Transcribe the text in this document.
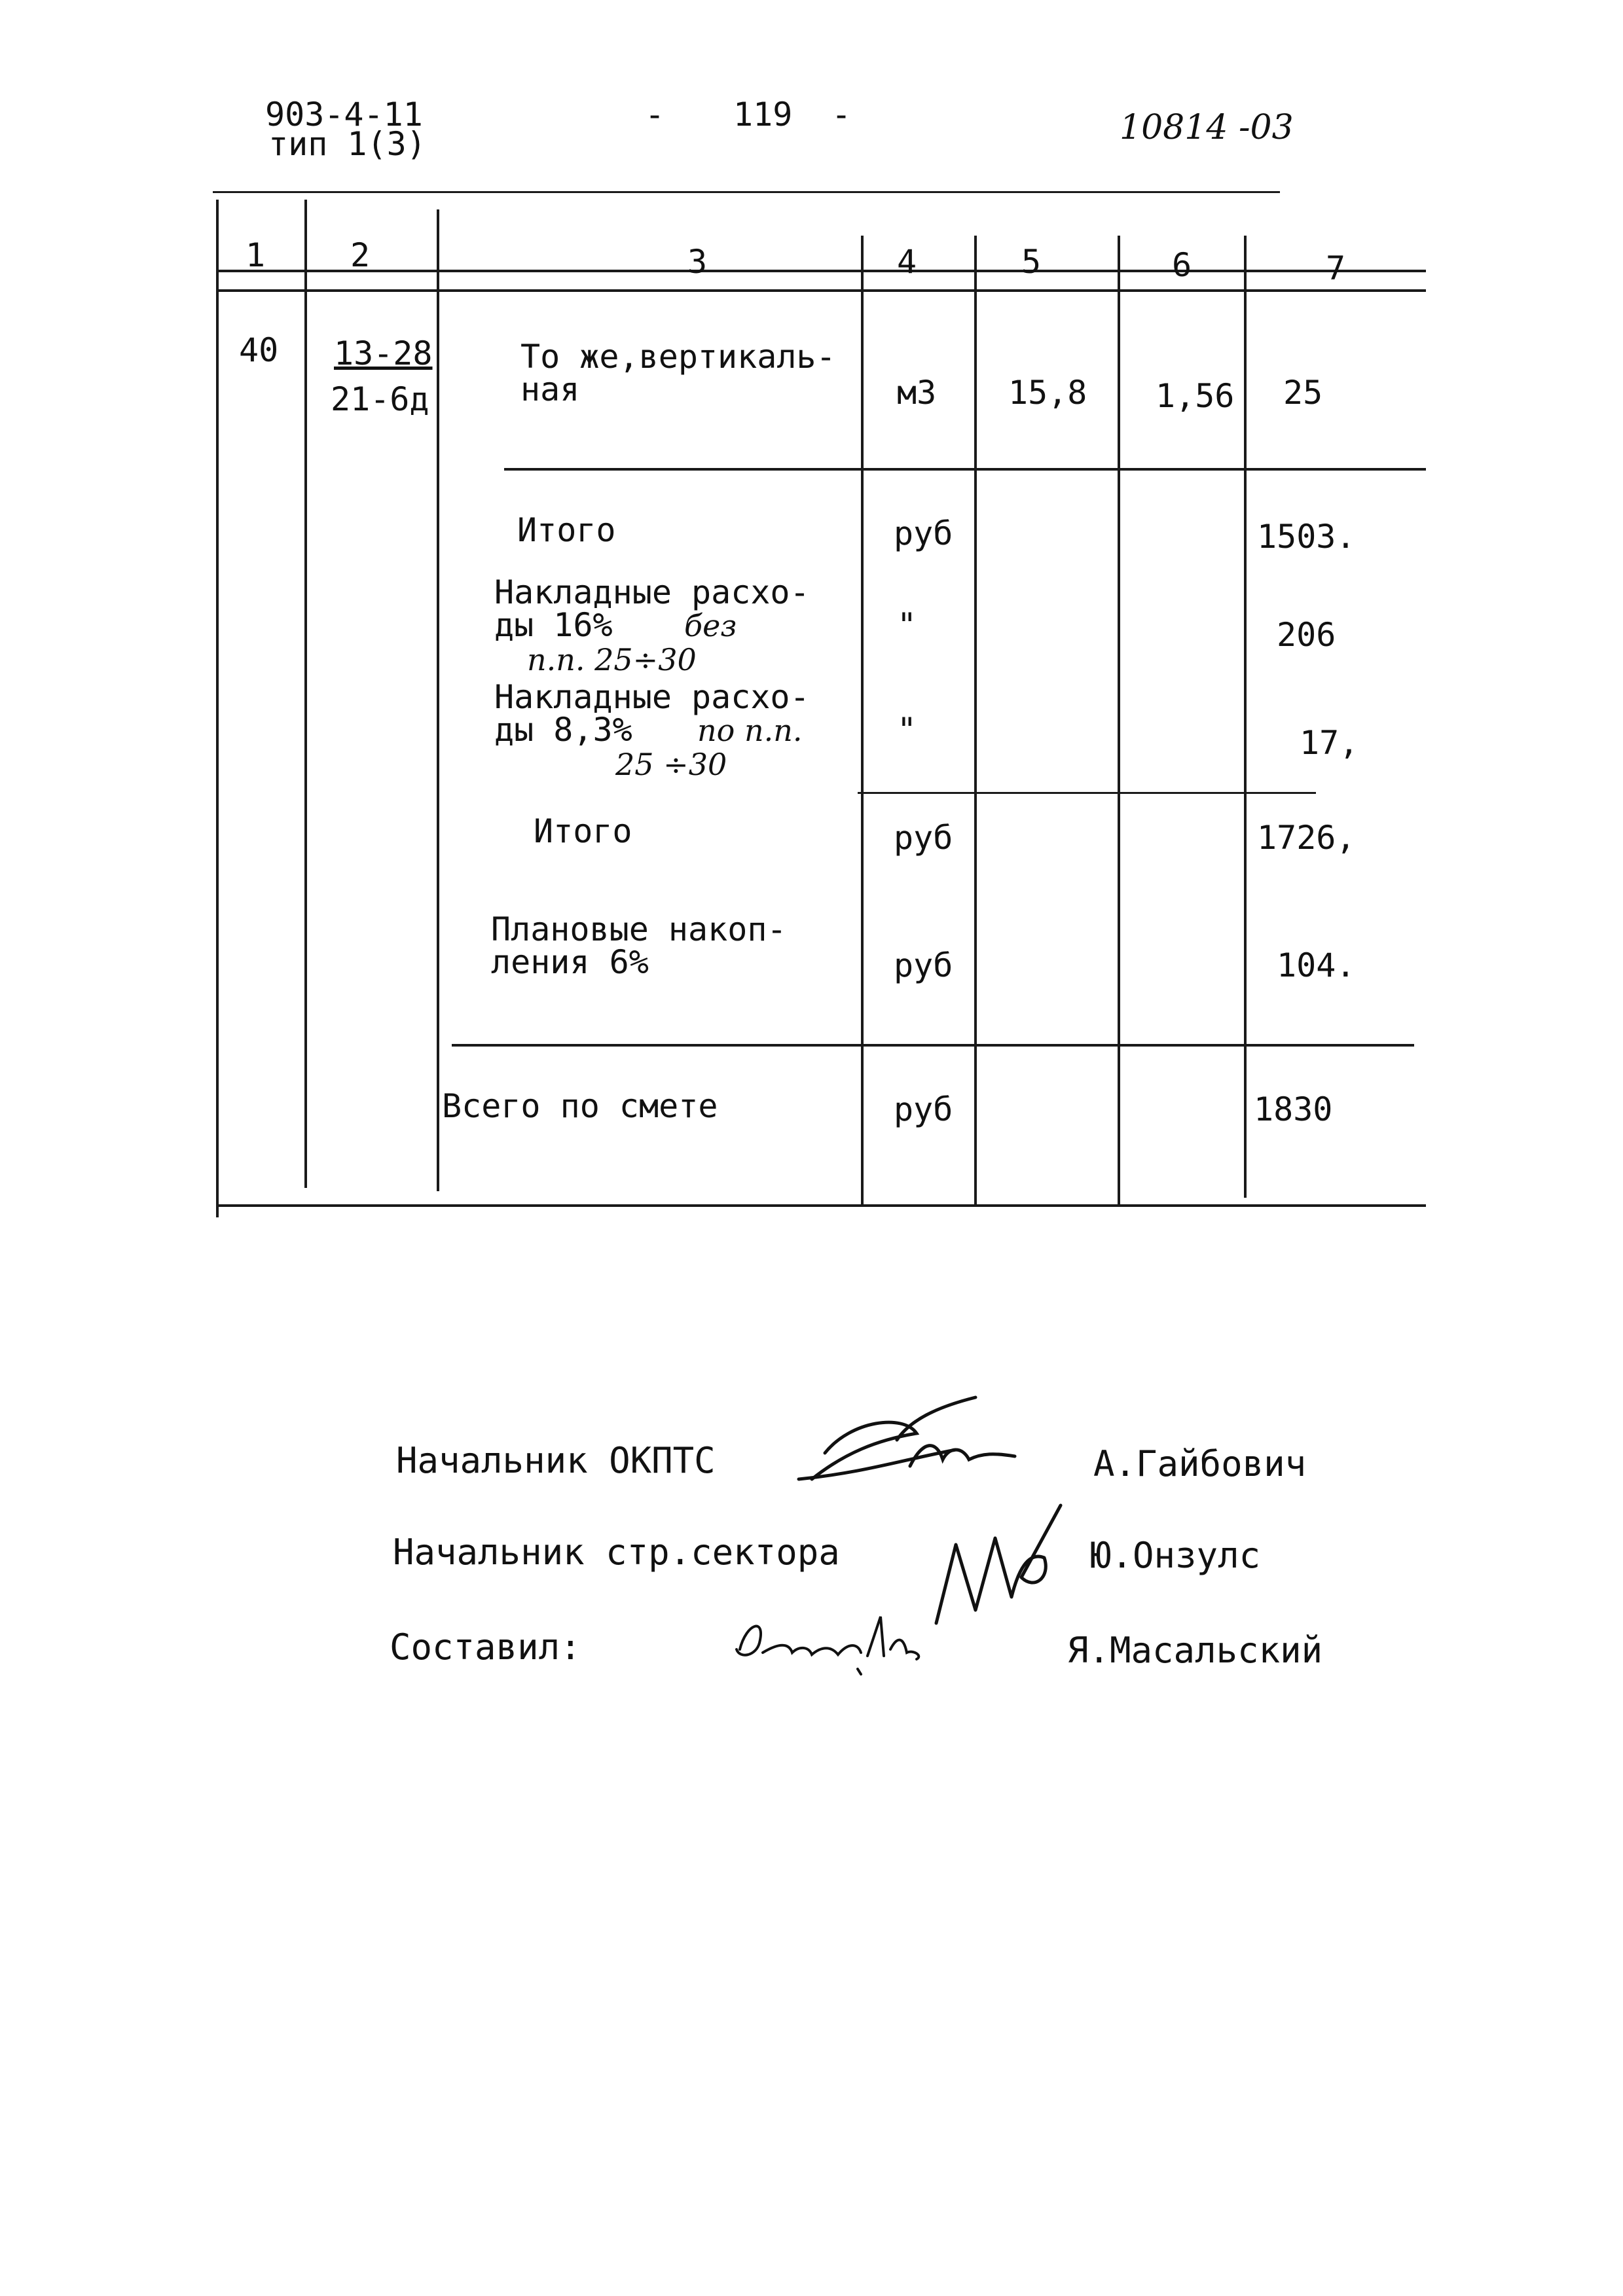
903-4-11
тип 1(3)
- 119 -	10814 -03
1	2	3	4	5	6	7
40 13-28
21-6д
То же,вертикаль-
ная	м3 15,8 1,56 25
Итого	руб	1503.
Накладные расхо-
ды 16% без
п.п. 25÷30
"	206
Накладные расхо-
ды 8,3% по п.п.
25 ÷30
"	17,
Итого	руб	1726,
Плановые накоп-
ления 6%	руб	104.
Всего по смете	руб	1830
Начальник ОКПТС	А.Гайбович
Начальник стр.сектора	Ю.Онзулс
Составил:	Я.Масальский
